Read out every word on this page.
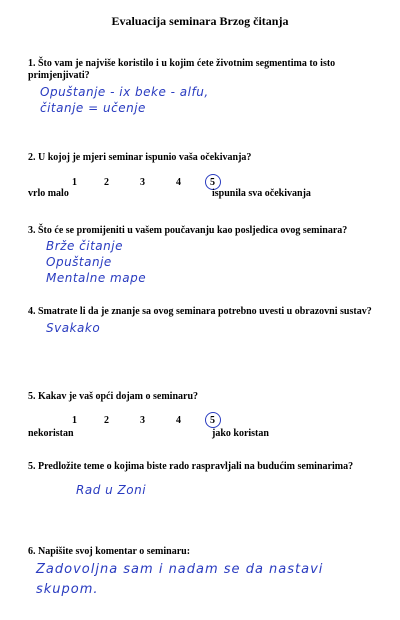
Evaluacija seminara Brzog čitanja
1. Što vam je najviše koristilo i u kojim ćete životnim segmentima to isto primjenjivati?
Opuštanje - ix beke - alfu,
čitanje = učenje
2. U kojoj je mjeri seminar ispunio vaša očekivanja?
1	2	3	4	5
vrlo malo	ispunila sva očekivanja
3. Što će se promijeniti u vašem poučavanju kao posljedica ovog seminara?
Brže čitanje
Opuštanje
Mentalne mape
4. Smatrate li da je znanje sa ovog seminara potrebno uvesti u obrazovni sustav?
Svakako
5. Kakav je vaš opći dojam o seminaru?
1	2	3	4	5
nekoristan	jako koristan
5. Predložite teme o kojima biste rado raspravljali na budućim seminarima?
Rad u Zoni
6. Napišite svoj komentar o seminaru:
Zadovoljna sam i nadam se da nastavi
skupom.
